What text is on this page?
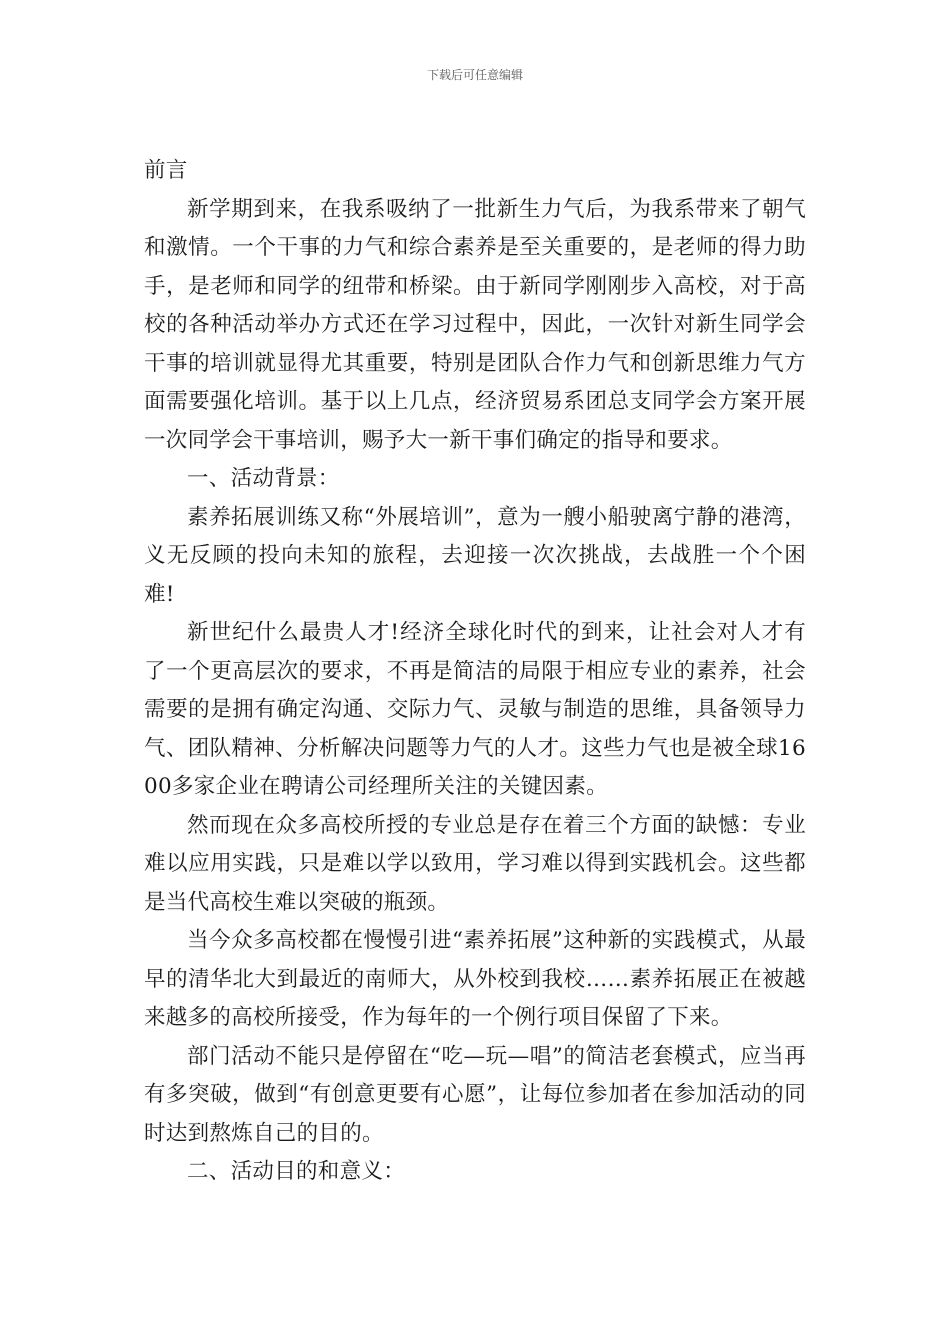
下载后可任意编辑

前言

新学期到来，在我系吸纳了一批新生力气后，为我系带来了朝气和激情。一个干事的力气和综合素养是至关重要的，是老师的得力助手，是老师和同学的纽带和桥梁。由于新同学刚刚步入高校，对于高校的各种活动举办方式还在学习过程中，因此，一次针对新生同学会干事的培训就显得尤其重要，特别是团队合作力气和创新思维力气方面需要强化培训。基于以上几点，经济贸易系团总支同学会方案开展一次同学会干事培训，赐予大一新干事们确定的指导和要求。

一、活动背景：

素养拓展训练又称“外展培训”，意为一艘小船驶离宁静的港湾，义无反顾的投向未知的旅程，去迎接一次次挑战，去战胜一个个困难!

新世纪什么最贵人才!经济全球化时代的到来，让社会对人才有了一个更高层次的要求，不再是简洁的局限于相应专业的素养，社会需要的是拥有确定沟通、交际力气、灵敏与制造的思维，具备领导力气、团队精神、分析解决问题等力气的人才。这些力气也是被全球1600多家企业在聘请公司经理所关注的关键因素。

然而现在众多高校所授的专业总是存在着三个方面的缺憾：专业难以应用实践，只是难以学以致用，学习难以得到实践机会。这些都是当代高校生难以突破的瓶颈。

当今众多高校都在慢慢引进“素养拓展”这种新的实践模式，从最早的清华北大到最近的南师大，从外校到我校……素养拓展正在被越来越多的高校所接受，作为每年的一个例行项目保留了下来。

部门活动不能只是停留在“吃—玩—唱”的简洁老套模式，应当再有多突破，做到“有创意更要有心愿”，让每位参加者在参加活动的同时达到熬炼自己的目的。

二、活动目的和意义：
